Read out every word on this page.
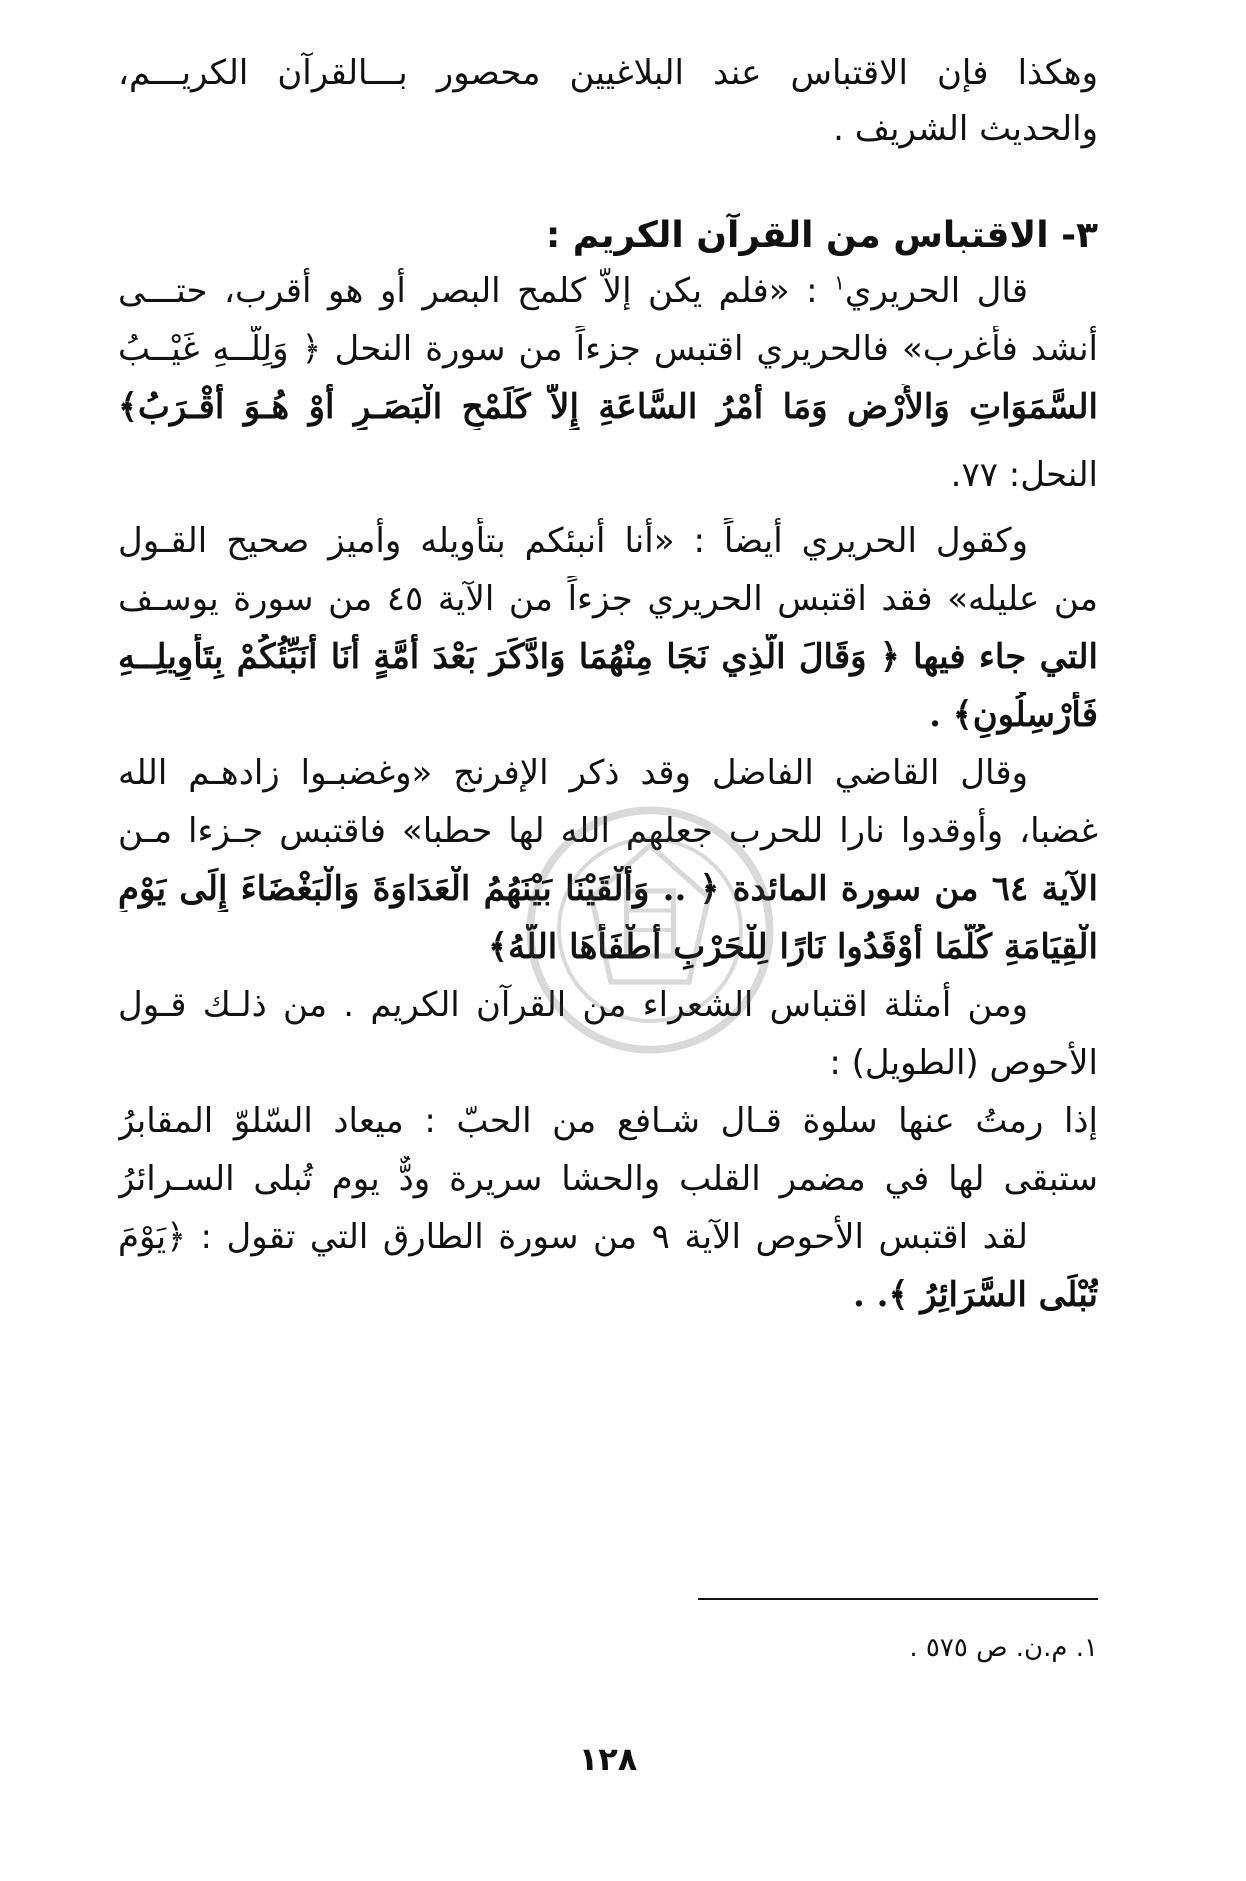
وهكذا فإن الاقتباس عند البلاغيين محصور بـــالقرآن الكريـــم،
والحديث الشريف .
٣- الاقتباس من القرآن الكريم :
قال الحريري$^١$ : «فلم يكن إلاّ كلمح البصر أو هو أقرب، حتـــى
أنشد فأغرب» فالحريري اقتبس جزءاً من سورة النحل ﴿ وَلِلَّــهِ غَيْــبُ
السَّمَوَاتِ وَالأَرْضِ وَمَا أَمْرُ السَّاعَةِ إِلاَّ كَلَمْحِ الْبَصَـرِ أَوْ هُـوَ أَقْـرَبُ﴾
النحل: ٧٧.
وكقول الحريري أيضاً : «أنا أنبئكم بتأويله وأميز صحيح القـول
من عليله» فقد اقتبس الحريري جزءاً من الآية ٤٥ من سورة يوسـف
التي جاء فيها ﴿ وَقَالَ الَّذِي نَجَا مِنْهُمَا وَادَّكَرَ بَعْدَ أُمَّةٍ أَنَا أُنَبِّئُكُمْ بِتَأْوِيلِــهِ
فَأَرْسِلُونِ﴾ .
وقال القاضي الفاضل وقد ذكر الإفرنج «وغضبـوا زادهـم الله
غضبا، وأوقدوا نارا للحرب جعلهم الله لها حطبا» فاقتبس جـزءا مـن
الآية ٦٤ من سورة المائدة ﴿ .. وَأَلْقَيْنَا بَيْنَهُمُ الْعَدَاوَةَ وَالْبَغْضَاءَ إِلَى يَوْمِ
الْقِيَامَةِ كُلَّمَا أَوْقَدُوا نَارًا لِلْحَرْبِ أَطْفَأَهَا اللَّهُ﴾
ومن أمثلة اقتباس الشعراء من القرآن الكريم . من ذلـك قـول
الأحوص (الطويل) :
إذا رمتُ عنها سلوة قـال شـافع من الحبّ : ميعاد السّلوّ المقابرُ
ستبقى لها في مضمر القلب والحشا سريرة ودٌّ يوم تُبلى السـرائرُ
لقد اقتبس الأحوص الآية ٩ من سورة الطارق التي تقول : ﴿يَوْمَ
تُبْلَى السَّرَائِرُ ﴾. .
١. م.ن. ص ٥٧٥ .
١٢٨
